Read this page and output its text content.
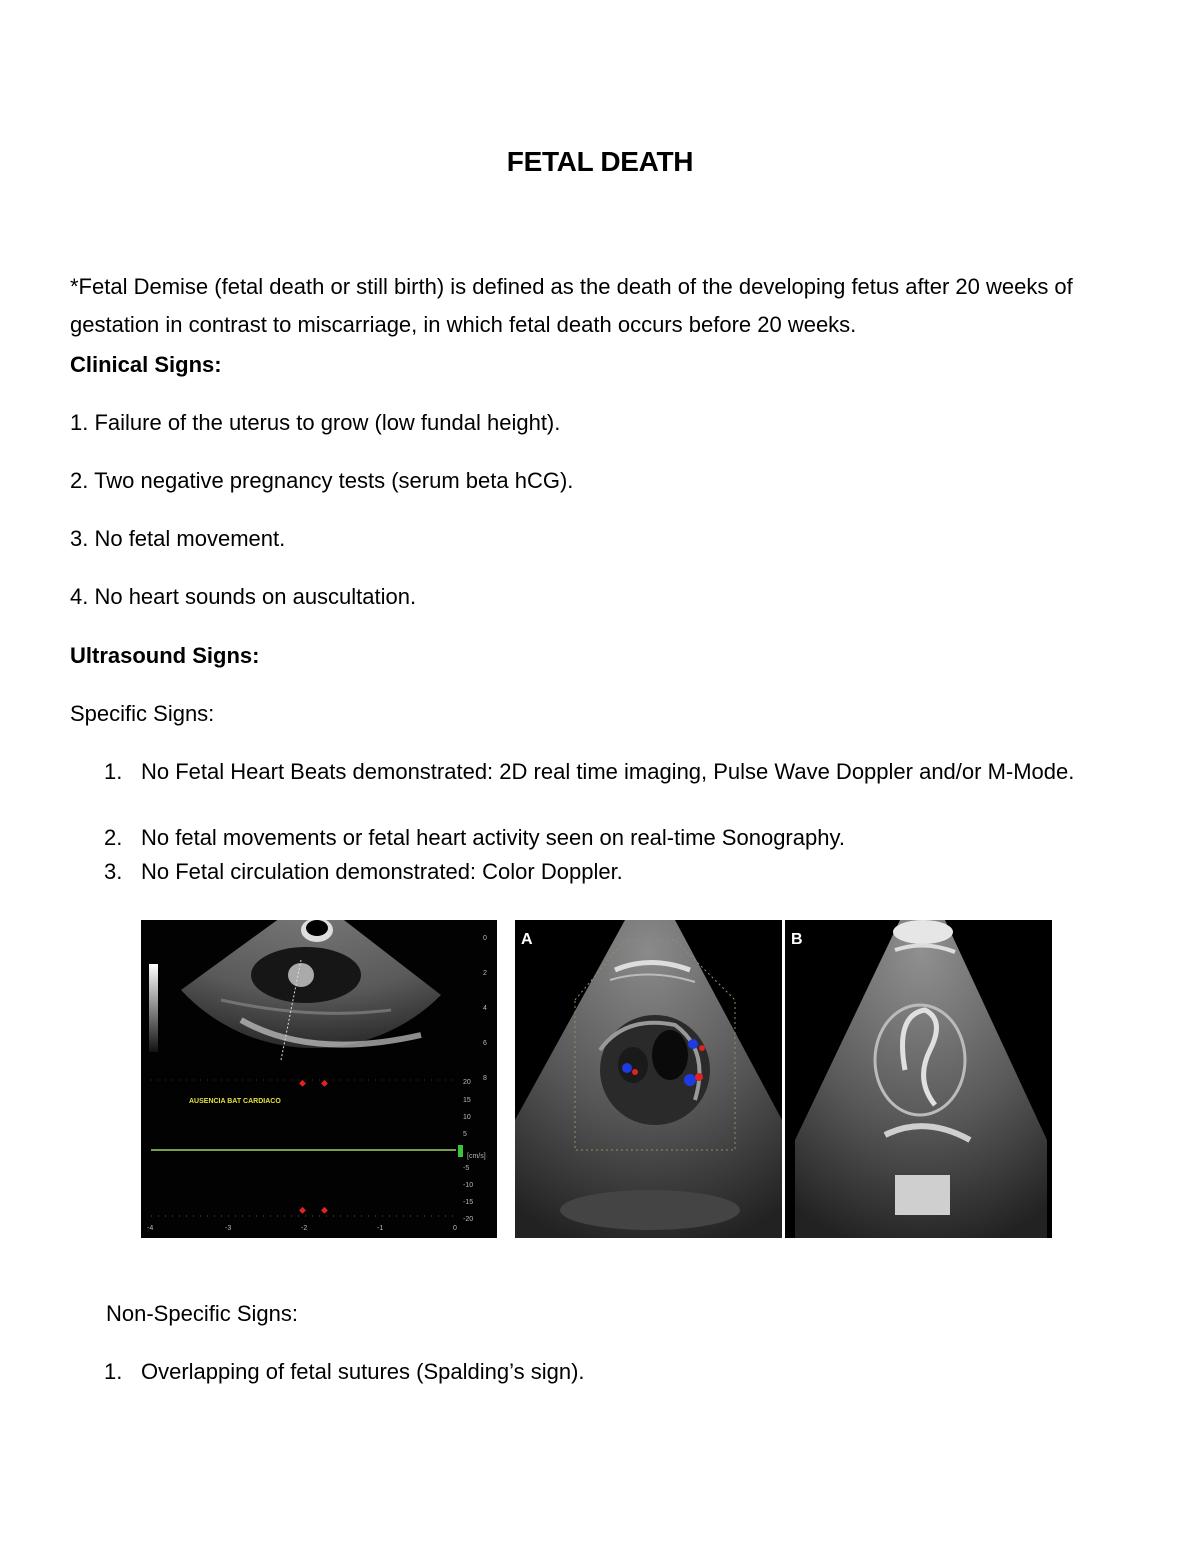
FETAL DEATH
*Fetal Demise (fetal death or still birth) is defined as the death of the developing fetus after 20 weeks of gestation in contrast to miscarriage, in which fetal death occurs before 20 weeks.
Clinical Signs:
1. Failure of the uterus to grow (low fundal height).
2. Two negative pregnancy tests (serum beta hCG).
3. No fetal movement.
4. No heart sounds on auscultation.
Ultrasound Signs:
Specific Signs:
1. No Fetal Heart Beats demonstrated: 2D real time imaging, Pulse Wave Doppler and/or M-Mode.
2. No fetal movements or fetal heart activity seen on real-time Sonography.
3. No Fetal circulation demonstrated: Color Doppler.
AUSENCIA BAT CARDIACO
⬥ ⬥
⬥ ⬥
[cm/s]
20
15
10
5
-5
-10
-15
-20
0
2
4
6
8
-4	-3	-2	-1	0
A	B
Non-Specific Signs:
1. Overlapping of fetal sutures (Spalding’s sign).
